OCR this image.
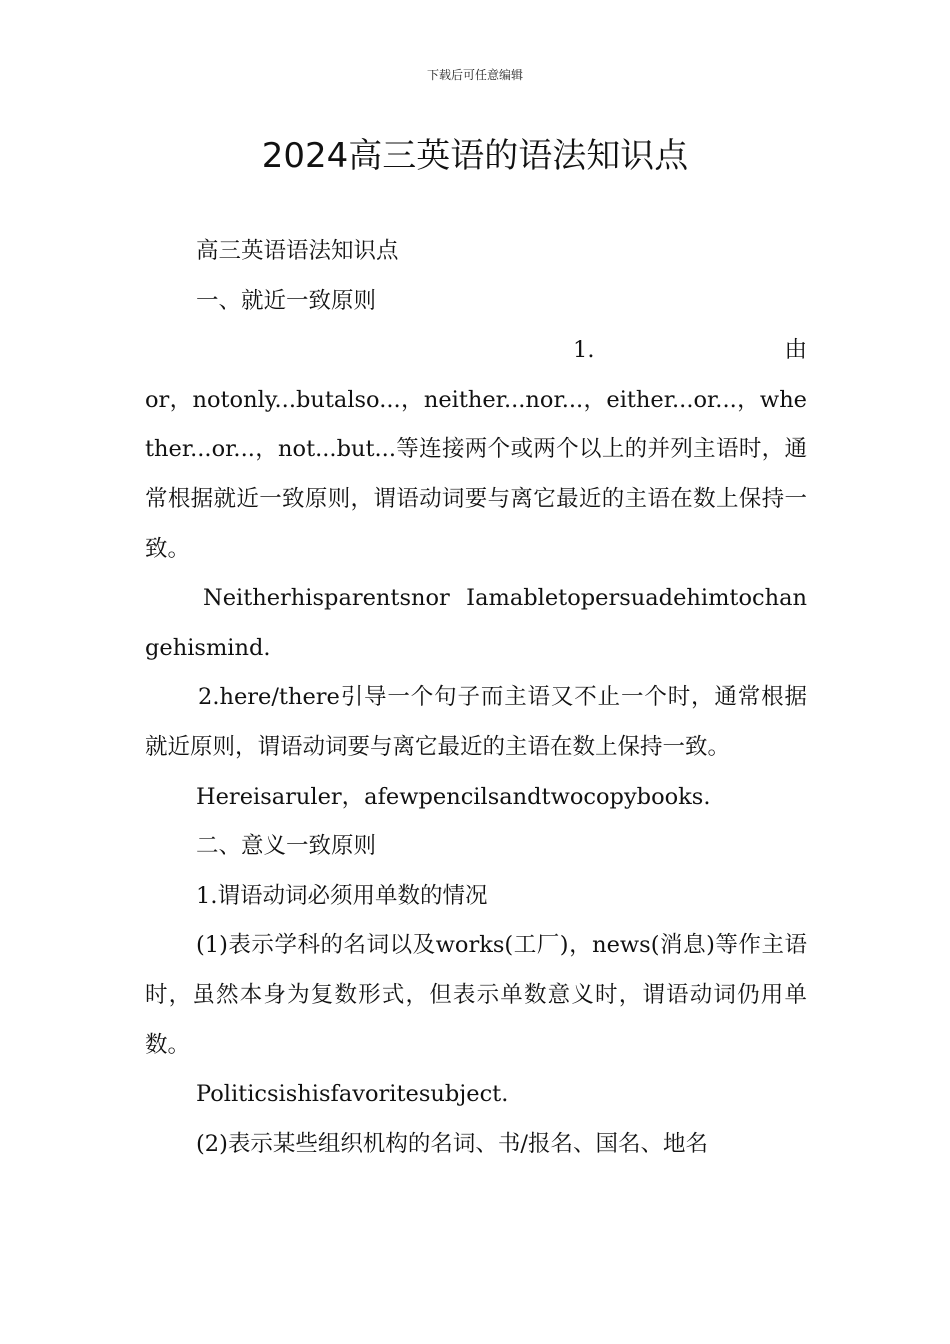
下载后可任意编辑
2024高三英语的语法知识点

高三英语语法知识点

一、就近一致原则

1.	由

or，notonly...butalso...，neither...nor...，either...or...，whether...or...，not...but...等连接两个或两个以上的并列主语时，通常根据就近一致原则，谓语动词要与离它最近的主语在数上保持一致。

Neitherhisparentsnor Iamabletopersuadehimtochangehismind.

2.here/there引导一个句子而主语又不止一个时，通常根据就近原则，谓语动词要与离它最近的主语在数上保持一致。

Hereisaruler，afewpencilsandtwocopybooks.

二、意义一致原则

1.谓语动词必须用单数的情况

(1)表示学科的名词以及works(工厂)，news(消息)等作主语时，虽然本身为复数形式，但表示单数意义时，谓语动词仍用单数。

Politicsishisfavoritesubject.

(2)表示某些组织机构的名词、书/报名、国名、地名
